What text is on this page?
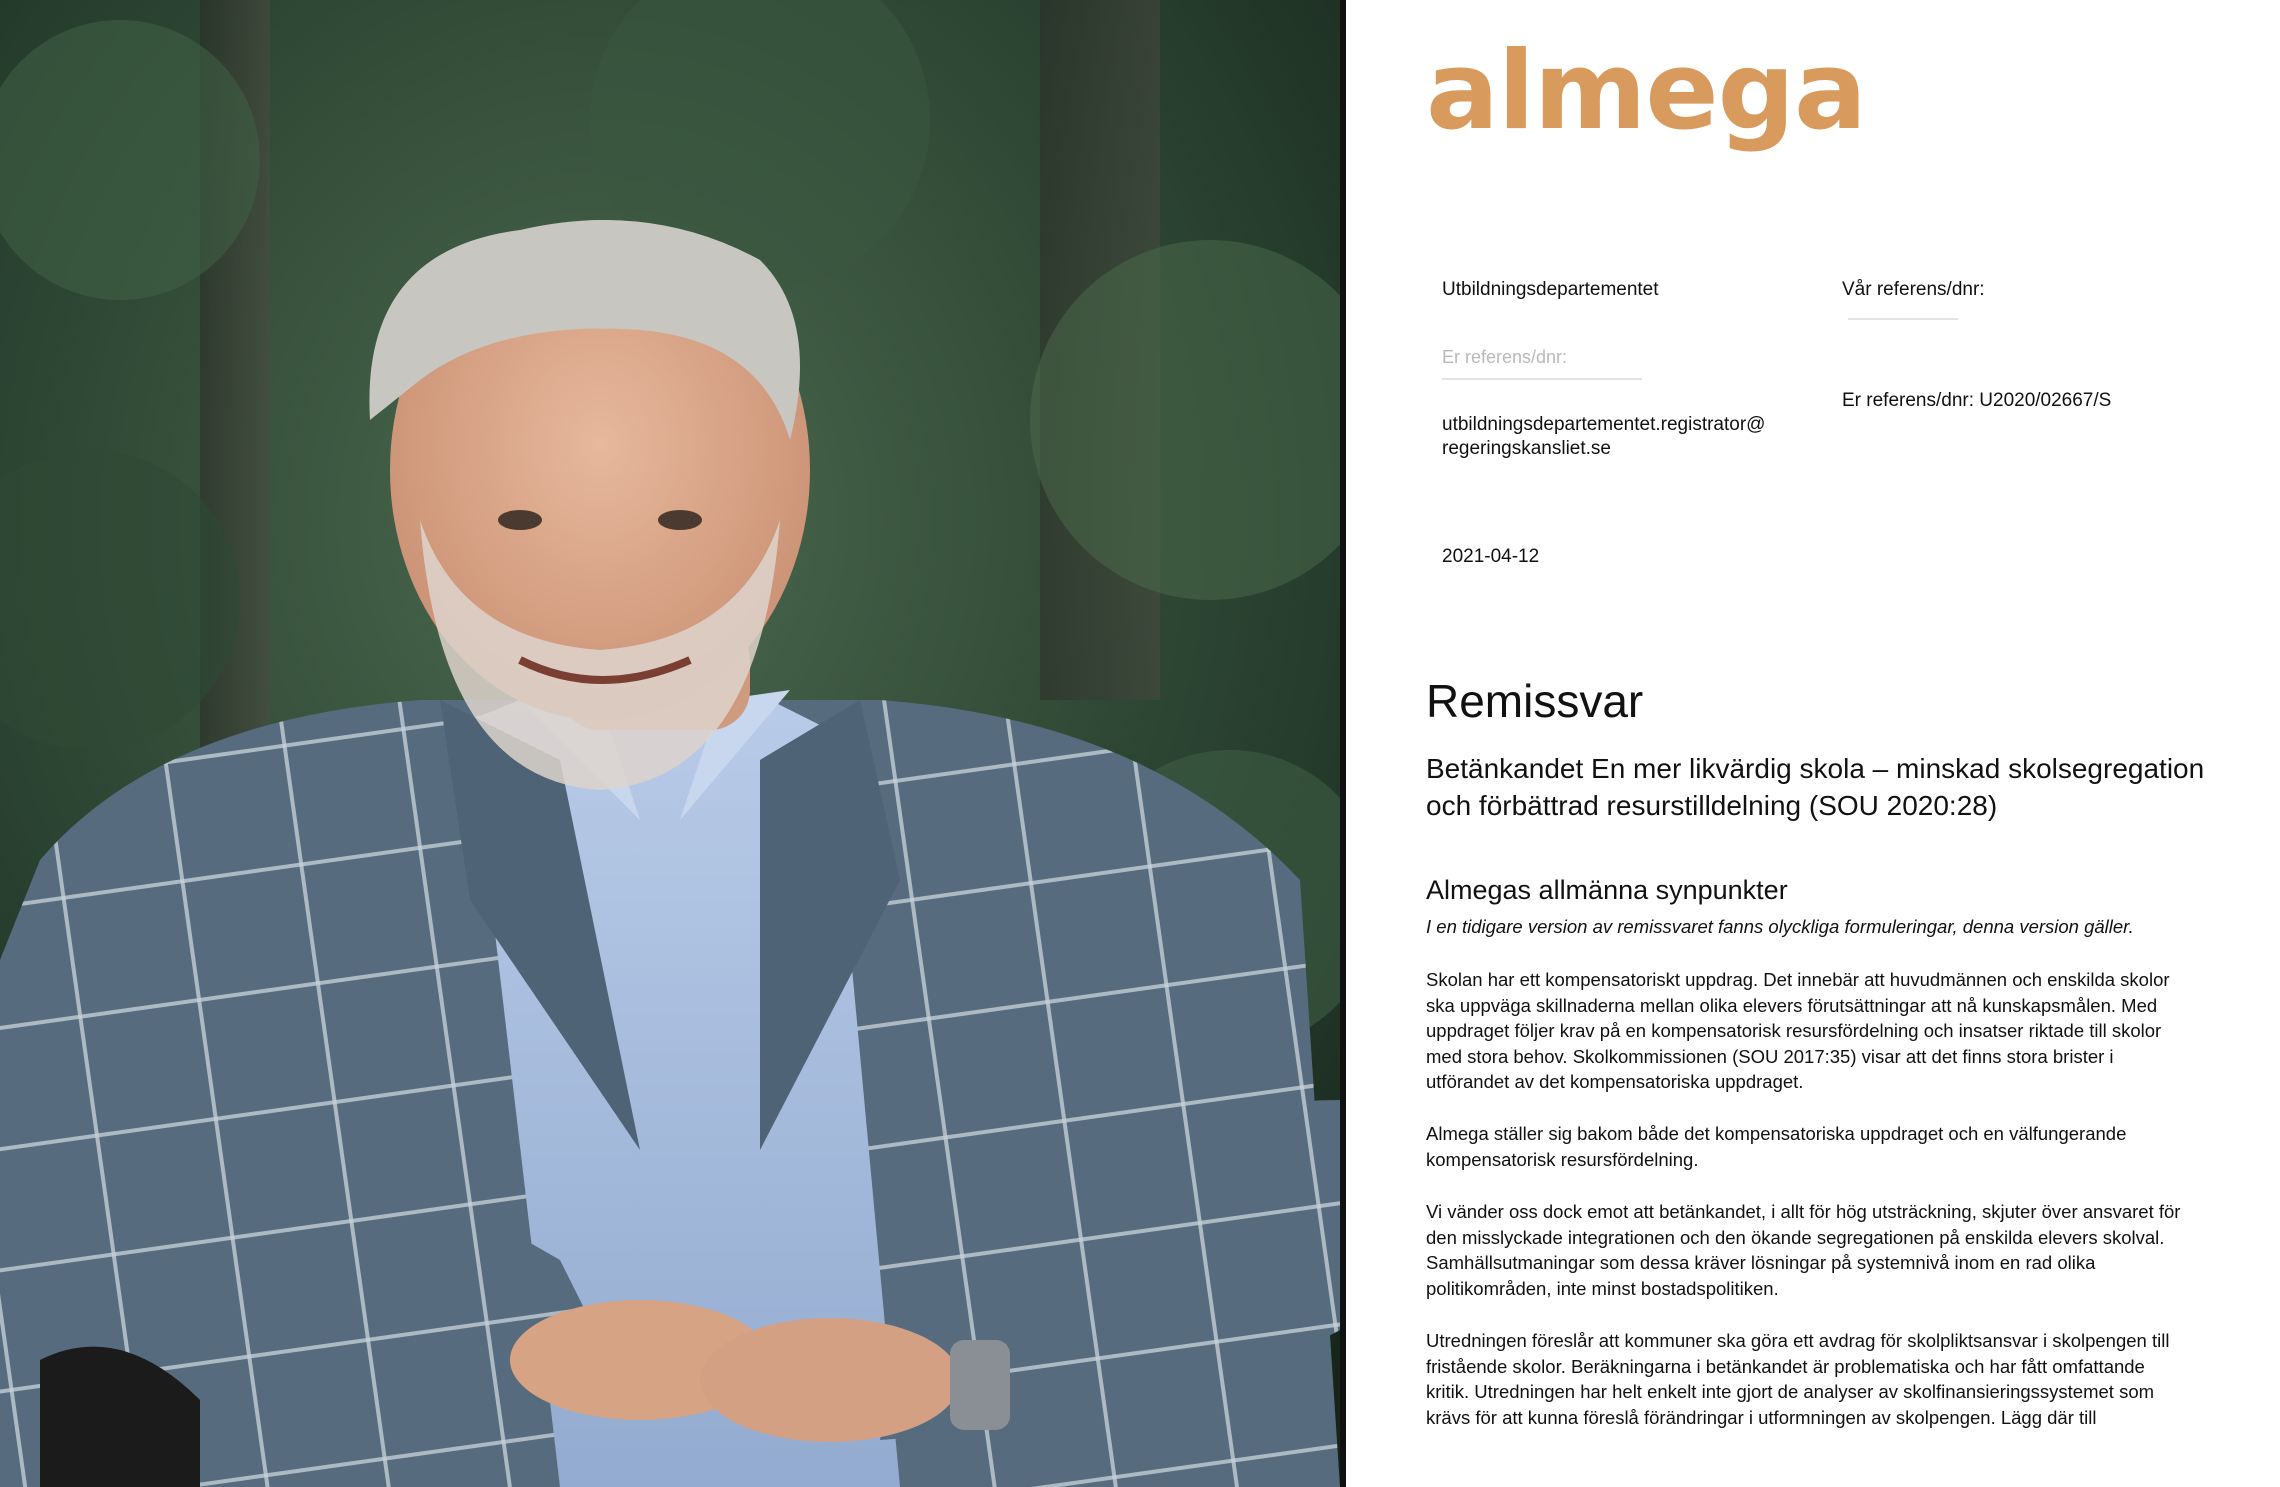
almega
Utbildningsdepartementet	Vår referens/dnr:
Er referens/dnr:
Er referens/dnr: U2020/02667/S
utbildningsdepartementet.registrator@
regeringskansliet.se
2021-04-12
Remissvar

Betänkandet En mer likvärdig skola – minskad skolsegregation och förbättrad resurstilldelning (SOU 2020:28)

Almegas allmänna synpunkter

I en tidigare version av remissvaret fanns olyckliga formuleringar, denna version gäller.

Skolan har ett kompensatoriskt uppdrag. Det innebär att huvudmännen och enskilda skolor
ska uppväga skillnaderna mellan olika elevers förutsättningar att nå kunskapsmålen. Med
uppdraget följer krav på en kompensatorisk resursfördelning och insatser riktade till skolor
med stora behov. Skolkommissionen (SOU 2017:35) visar att det finns stora brister i
utförandet av det kompensatoriska uppdraget.

Almega ställer sig bakom både det kompensatoriska uppdraget och en välfungerande
kompensatorisk resursfördelning.

Vi vänder oss dock emot att betänkandet, i allt för hög utsträckning, skjuter över ansvaret för
den misslyckade integrationen och den ökande segregationen på enskilda elevers skolval.
Samhällsutmaningar som dessa kräver lösningar på systemnivå inom en rad olika
politikområden, inte minst bostadspolitiken.

Utredningen föreslår att kommuner ska göra ett avdrag för skolpliktsansvar i skolpengen till
fristående skolor. Beräkningarna i betänkandet är problematiska och har fått omfattande
kritik. Utredningen har helt enkelt inte gjort de analyser av skolfinansieringssystemet som
krävs för att kunna föreslå förändringar i utformningen av skolpengen. Lägg där till
